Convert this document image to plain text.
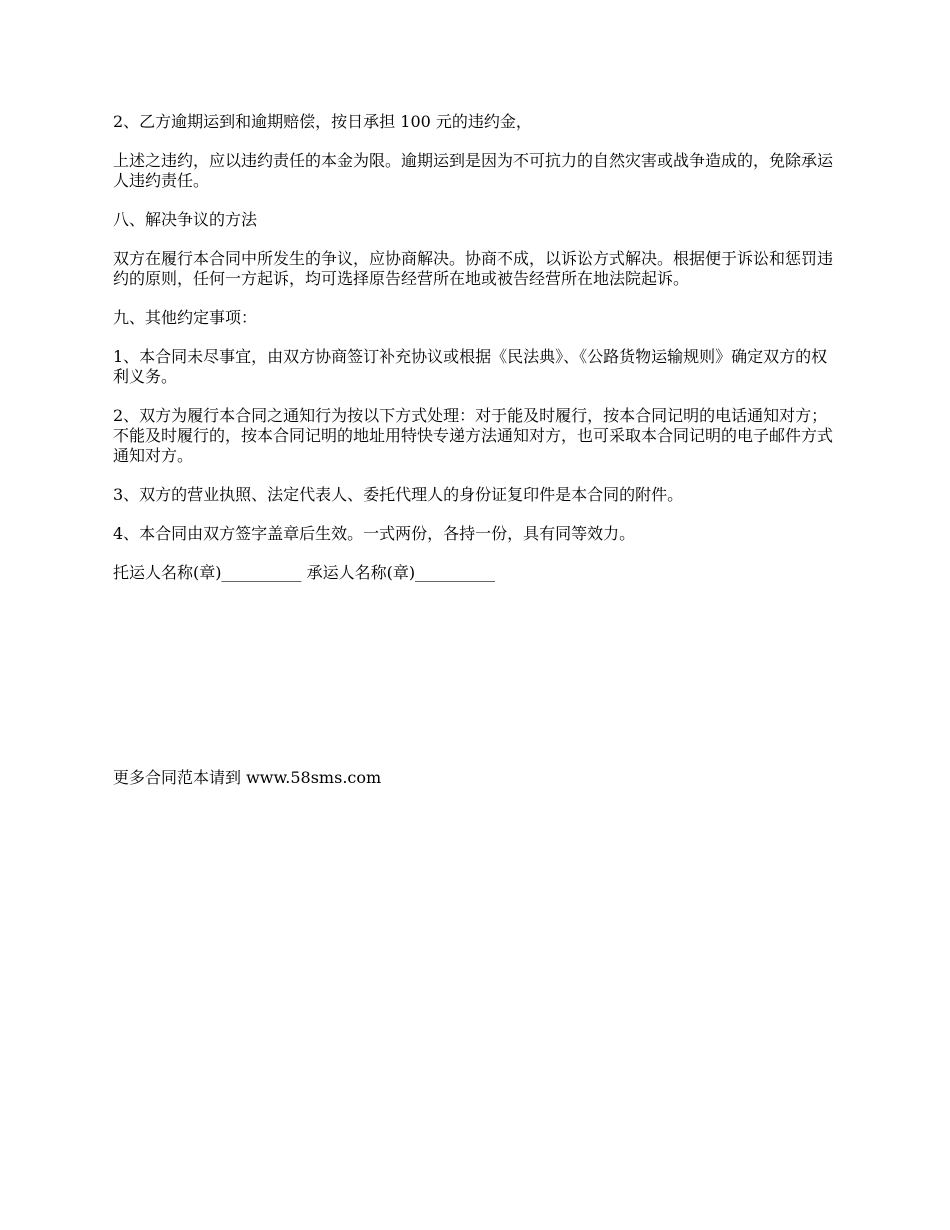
2、乙方逾期运到和逾期赔偿，按日承担 100 元的违约金，

上述之违约，应以违约责任的本金为限。逾期运到是因为不可抗力的自然灾害或战争造成的，免除承运人违约责任。

八、解决争议的方法

双方在履行本合同中所发生的争议，应协商解决。协商不成，以诉讼方式解决。根据便于诉讼和惩罚违约的原则，任何一方起诉，均可选择原告经营所在地或被告经营所在地法院起诉。

九、其他约定事项：

1、本合同未尽事宜，由双方协商签订补充协议或根据《民法典》、《公路货物运输规则》确定双方的权利义务。

2、双方为履行本合同之通知行为按以下方式处理：对于能及时履行，按本合同记明的电话通知对方；不能及时履行的，按本合同记明的地址用特快专递方法通知对方，也可采取本合同记明的电子邮件方式通知对方。

3、双方的营业执照、法定代表人、委托代理人的身份证复印件是本合同的附件。

4、本合同由双方签字盖章后生效。一式两份，各持一份，具有同等效力。

托运人名称(章)__________ 承运人名称(章)__________

更多合同范本请到 www.58sms.com
